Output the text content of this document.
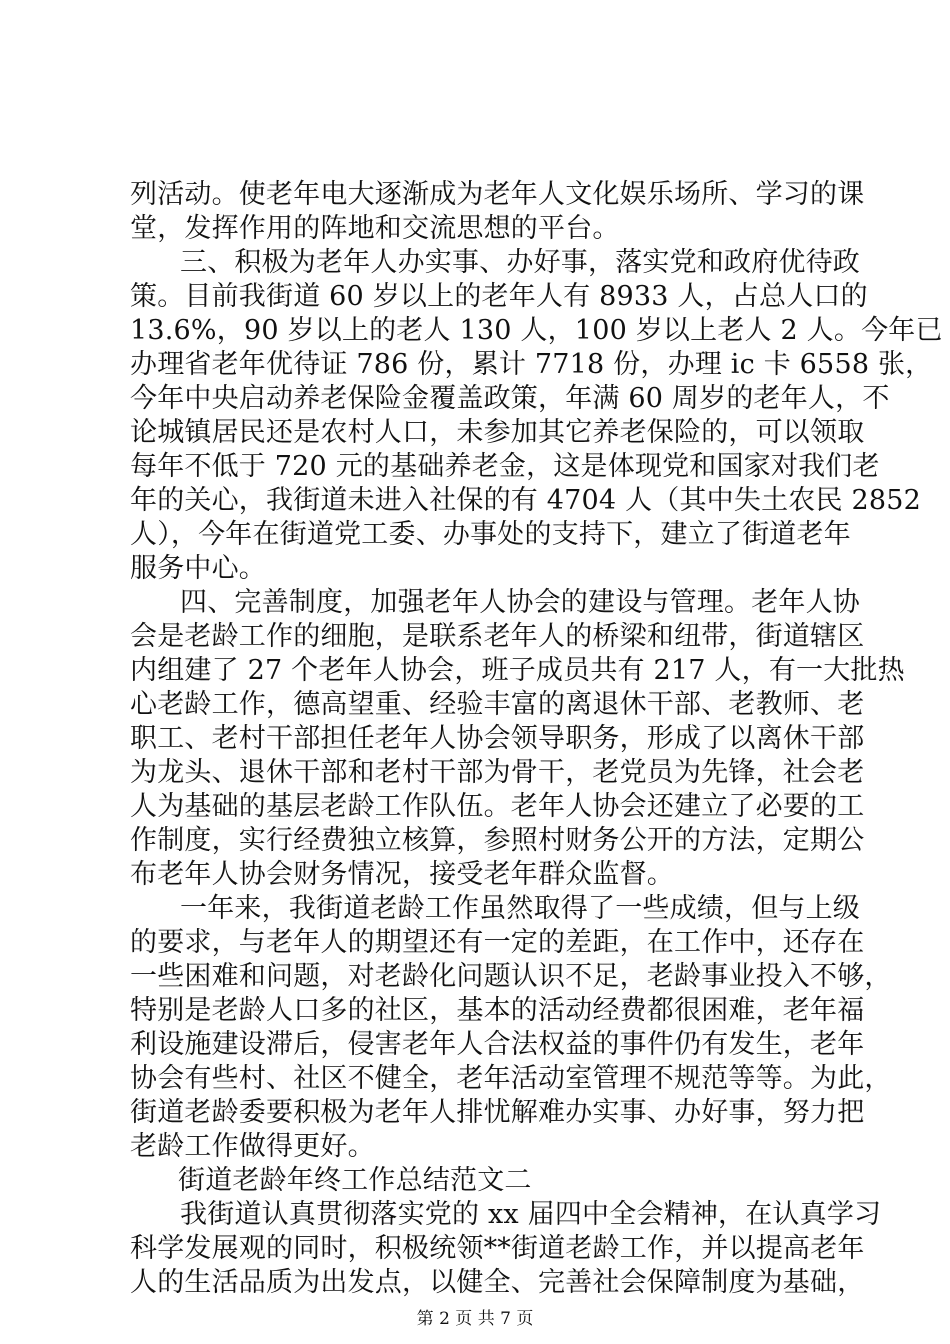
列活动。使老年电大逐渐成为老年人文化娱乐场所、学习的课
堂，发挥作用的阵地和交流思想的平台。
三、积极为老年人办实事、办好事，落实党和政府优待政
策。目前我街道 60 岁以上的老年人有 8933 人，占总人口的
13.6%，90 岁以上的老人 130 人，100 岁以上老人 2 人。今年已
办理省老年优待证 786 份，累计 7718 份，办理 ic 卡 6558 张，
今年中央启动养老保险金覆盖政策，年满 60 周岁的老年人，不
论城镇居民还是农村人口，未参加其它养老保险的，可以领取
每年不低于 720 元的基础养老金，这是体现党和国家对我们老
年的关心，我街道未进入社保的有 4704 人（其中失土农民 2852
人），今年在街道党工委、办事处的支持下，建立了街道老年
服务中心。
四、完善制度，加强老年人协会的建设与管理。老年人协
会是老龄工作的细胞，是联系老年人的桥梁和纽带，街道辖区
内组建了 27 个老年人协会，班子成员共有 217 人，有一大批热
心老龄工作，德高望重、经验丰富的离退休干部、老教师、老
职工、老村干部担任老年人协会领导职务，形成了以离休干部
为龙头、退休干部和老村干部为骨干，老党员为先锋，社会老
人为基础的基层老龄工作队伍。老年人协会还建立了必要的工
作制度，实行经费独立核算，参照村财务公开的方法，定期公
布老年人协会财务情况，接受老年群众监督。
一年来，我街道老龄工作虽然取得了一些成绩，但与上级
的要求，与老年人的期望还有一定的差距，在工作中，还存在
一些困难和问题，对老龄化问题认识不足，老龄事业投入不够，
特别是老龄人口多的社区，基本的活动经费都很困难，老年福
利设施建设滞后，侵害老年人合法权益的事件仍有发生，老年
协会有些村、社区不健全，老年活动室管理不规范等等。为此，
街道老龄委要积极为老年人排忧解难办实事、办好事，努力把
老龄工作做得更好。
街道老龄年终工作总结范文二
我街道认真贯彻落实党的 xx 届四中全会精神，在认真学习
科学发展观的同时，积极统领**街道老龄工作，并以提高老年
人的生活品质为出发点，以健全、完善社会保障制度为基础，
第 2 页 共 7 页
